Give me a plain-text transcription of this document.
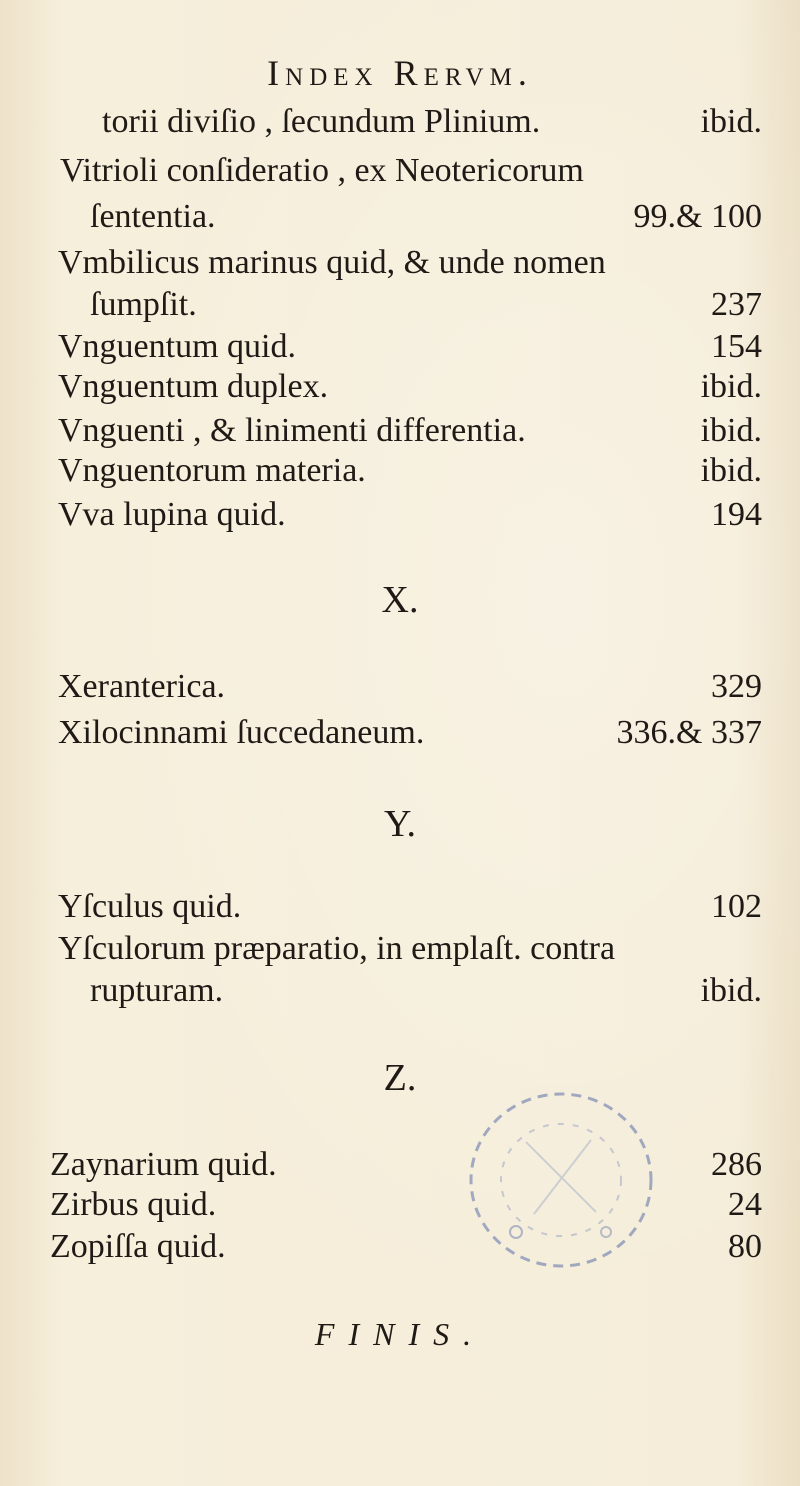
Index Rervm.
torii diviſio , ſecundum Plinium.	ibid.
Vitrioli conſideratio , ex Neotericorum
ſententia.	99.& 100
Vmbilicus marinus quid, & unde nomen
ſumpſit.	237
Vnguentum quid.	154
Vnguentum duplex.	ibid.
Vnguenti , & linimenti differentia.	ibid.
Vnguentorum materia.	ibid.
Vva lupina quid.	194
X.
Xeranterica.	329
Xilocinnami ſuccedaneum.	336.& 337
Y.
Yſculus quid.	102
Yſculorum præparatio, in emplaſt. contra
rupturam.	ibid.
Z.
Zaynarium quid.	286
Zirbus quid.	24
Zopiſſa quid.	80
FINIS.
